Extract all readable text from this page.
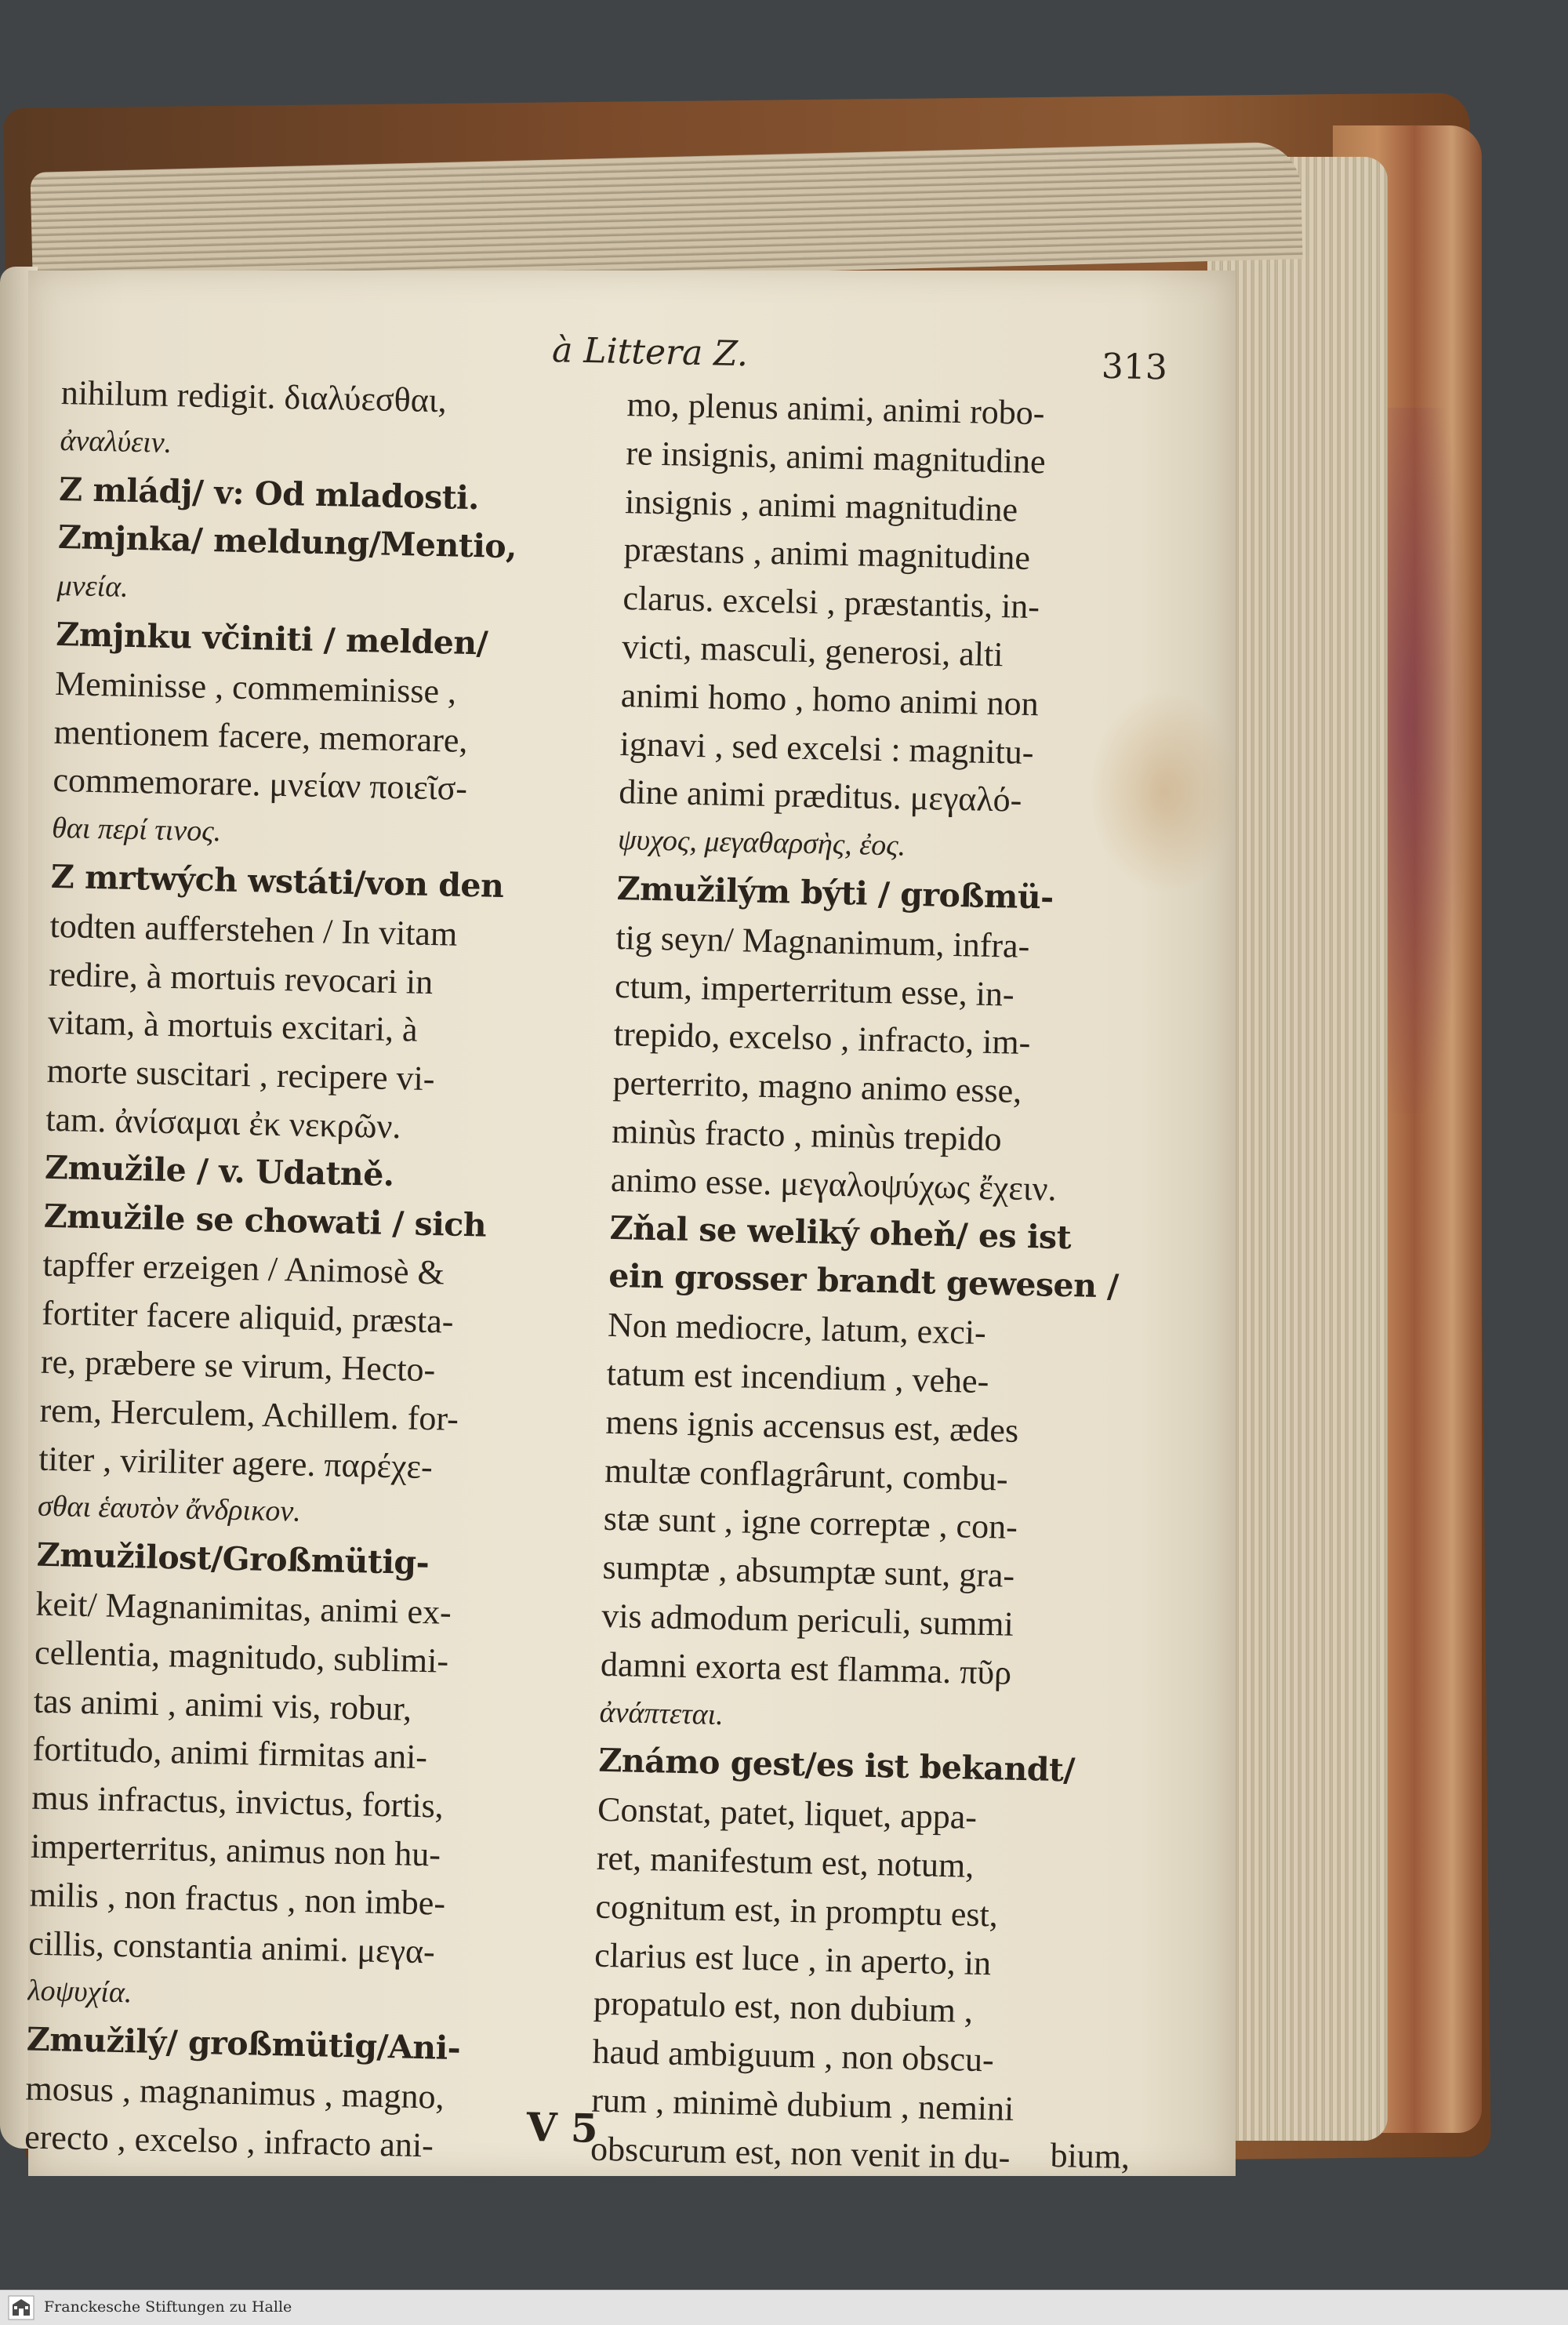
à Littera Z.	313
nihilum redigit. διαλύεσθαι,
ἀναλύειν.
Z mládj/ v: Od mladosti.
Zmjnka/ meldung/Mentio,
μνεία.
Zmjnku včiniti / melden/
Meminisse , commeminisse ,
mentionem facere, memorare,
commemorare. μνείαν ποιεῖσ-
θαι περί τινος.
Z mrtwých wstáti/von den
todten aufferstehen / In vitam
redire, à mortuis revocari in
vitam, à mortuis excitari, à
morte suscitari , recipere vi-
tam. ἀνίσαμαι ἐκ νεκρῶν.
Zmužile / v. Udatně.
Zmužile se chowati / sich
tapffer erzeigen / Animosè &
fortiter facere aliquid, præsta-
re, præbere se virum, Hecto-
rem, Herculem, Achillem. for-
titer , viriliter agere. παρέχε-
σθαι ἑαυτὸν ἄνδρικον.
Zmužilost/Großmütig-
keit/ Magnanimitas, animi ex-
cellentia, magnitudo, sublimi-
tas animi , animi vis, robur,
fortitudo, animi firmitas ani-
mus infractus, invictus, fortis,
imperterritus, animus non hu-
milis , non fractus , non imbe-
cillis, constantia animi. μεγα-
λοψυχία.
Zmužilý/ großmütig/Ani-
mosus , magnanimus , magno,
erecto , excelso , infracto ani-
mo, plenus animi, animi robo-
re insignis, animi magnitudine
insignis , animi magnitudine
præstans , animi magnitudine
clarus. excelsi , præstantis, in-
victi, masculi, generosi, alti
animi homo , homo animi non
ignavi , sed excelsi : magnitu-
dine animi præditus. μεγαλό-
ψυχος, μεγαθαρσὴς, ἐος.
Zmužilým býti / großmü-
tig seyn/ Magnanimum, infra-
ctum, imperterritum esse, in-
trepido, excelso , infracto, im-
perterrito, magno animo esse,
minùs fracto , minùs trepido
animo esse. μεγαλοψύχως ἔχειν.
Zňal se weliký oheň/ es ist
ein grosser brandt gewesen /
Non mediocre, latum, exci-
tatum est incendium , vehe-
mens ignis accensus est, ædes
multæ conflagrârunt, combu-
stæ sunt , igne correptæ , con-
sumptæ , absumptæ sunt, gra-
vis admodum periculi, summi
damni exorta est flamma. πῦρ
ἀνάπτεται.
Známo gest/es ist bekandt/
Constat, patet, liquet, appa-
ret, manifestum est, notum,
cognitum est, in promptu est,
clarius est luce , in aperto, in
propatulo est, non dubium ,
haud ambiguum , non obscu-
rum , minimè dubium , nemini
obscurum est, non venit in du-
V 5
bium,
Franckesche Stiftungen zu Halle
